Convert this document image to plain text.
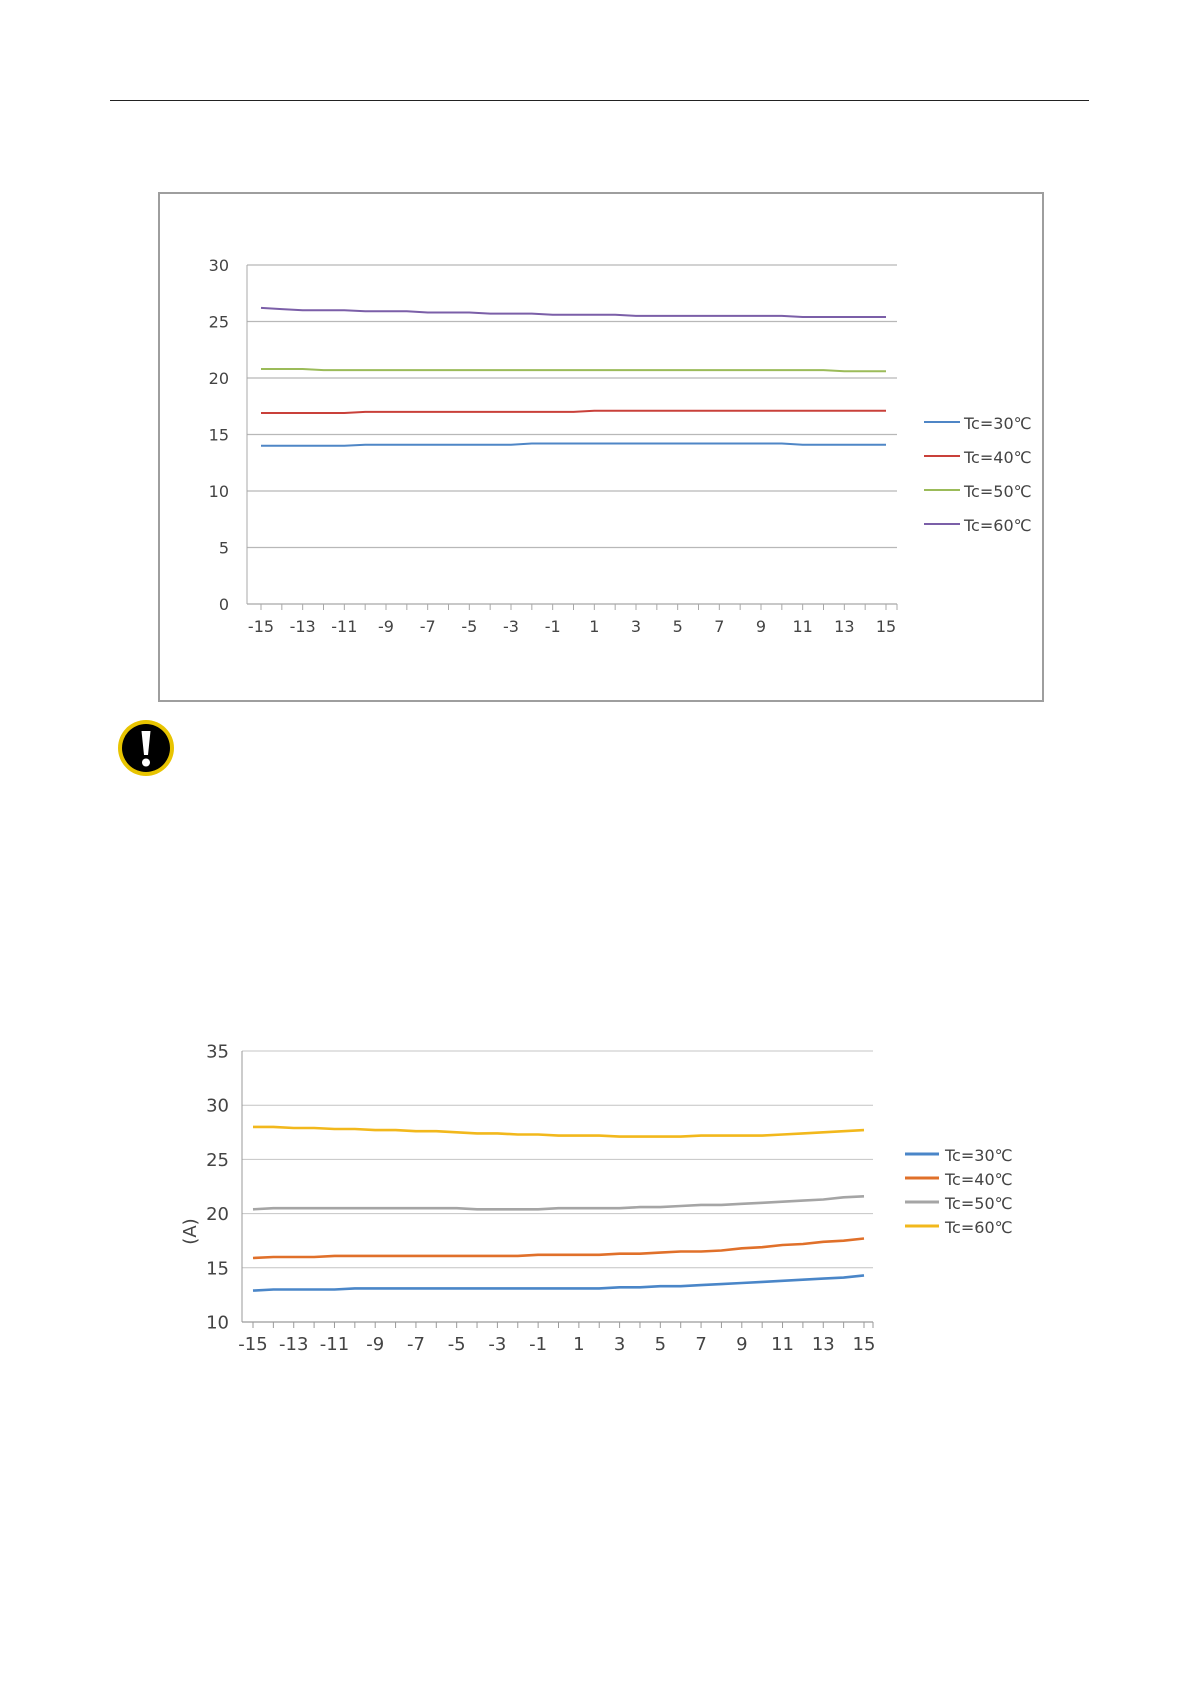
0
5
10
15
20
25
30
-15 -13 -11 -9 -7 -5 -3 -1 1 3 5 7 9 11 13 15
Tc=30℃
Tc=40℃
Tc=50℃
Tc=60℃
10
15
20
25
30
35
-15 -13 -11 -9 -7 -5 -3 -1 1 3 5 7 9 11 13 15
(A)
Tc=30℃
Tc=40℃
Tc=50℃
Tc=60℃
